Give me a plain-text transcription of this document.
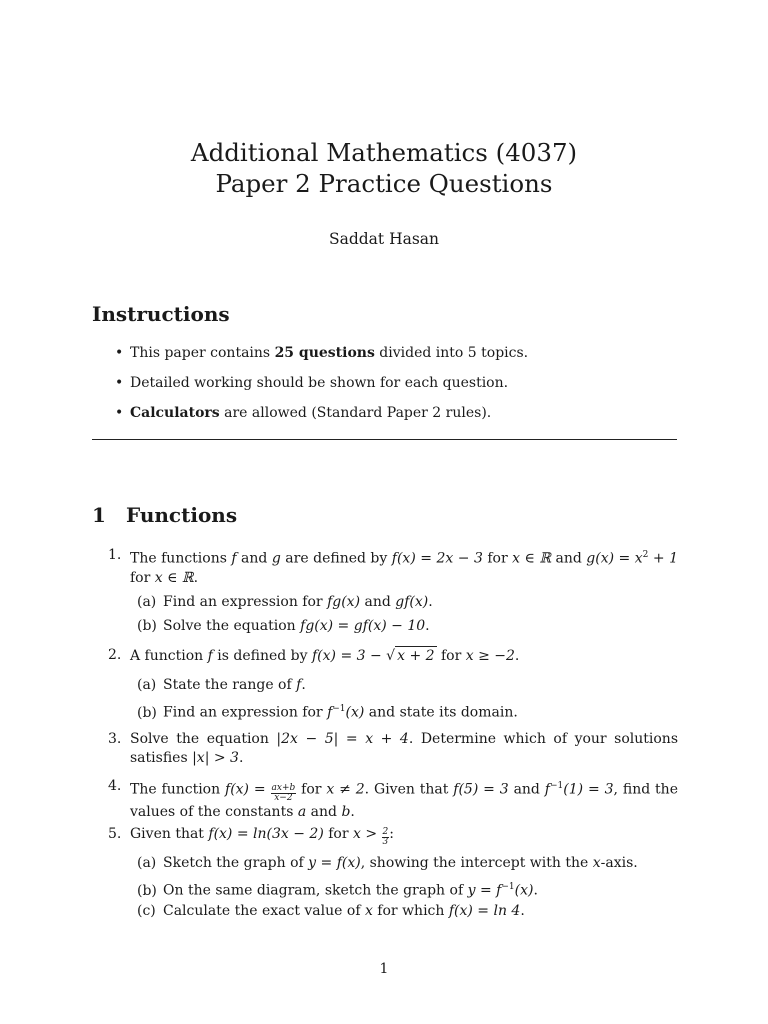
Additional Mathematics (4037)
Paper 2 Practice Questions
Saddat Hasan
Instructions
• This paper contains 25 questions divided into 5 topics.
• Detailed working should be shown for each question.
• Calculators are allowed (Standard Paper 2 rules).
1 Functions
1. The functions f and g are defined by f(x) = 2x − 3 for x ∈ ℝ and $g(x) = x^2 + 1$ for x ∈ ℝ.
(a) Find an expression for fg(x) and gf(x).
(b) Solve the equation fg(x) = gf(x) − 10.
2. A function f is defined by f(x) = 3 − √ x + 2 for x ≥ −2.
(a) State the range of f.
(b) Find an expression for $f^{-1}(x)$ and state its domain.
3. Solve the equation |2x − 5| = x + 4. Determine which of your solutions satisfies |x| > 3.
4. The function $f(x) = \frac{ax+b}{x-2}$ for x ≠ 2. Given that f(5) = 3 and $f^{-1}(1) = 3$, find the values of the constants a and b.
5. Given that f(x) = ln(3x − 2) for $x > \frac{2}{3}$ :
(a) Sketch the graph of y = f(x), showing the intercept with the x-axis.
(b) On the same diagram, sketch the graph of $y = f^{-1}(x)$.
(c) Calculate the exact value of x for which f(x) = ln 4.
1
